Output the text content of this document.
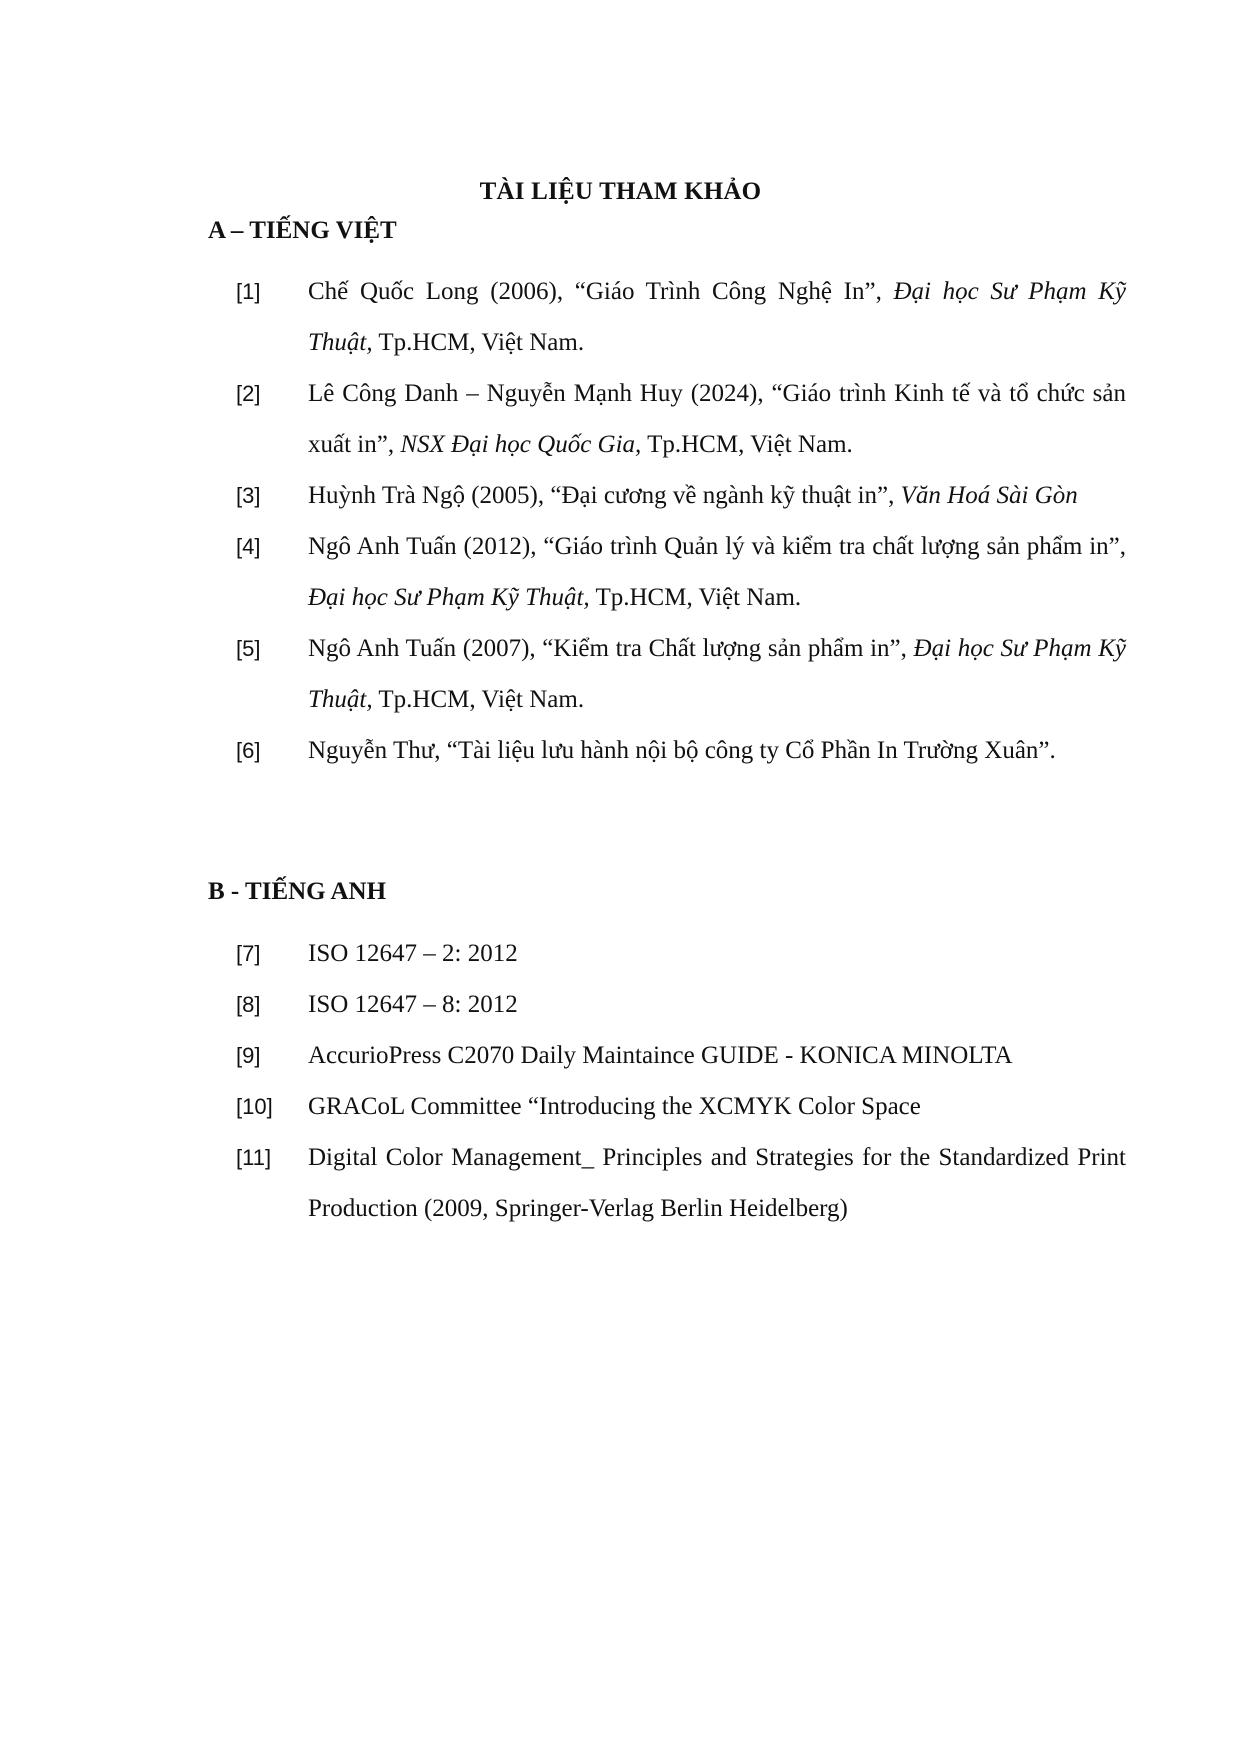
TÀI LIỆU THAM KHẢO
A – TIẾNG VIỆT
[1]	Chế Quốc Long (2006), “Giáo Trình Công Nghệ In”, Đại học Sư Phạm Kỹ Thuật, Tp.HCM, Việt Nam.
[2]	Lê Công Danh – Nguyễn Mạnh Huy (2024), “Giáo trình Kinh tế và tổ chức sản xuất in”, NSX Đại học Quốc Gia, Tp.HCM, Việt Nam.
[3]	Huỳnh Trà Ngộ (2005), “Đại cương về ngành kỹ thuật in”, Văn Hoá Sài Gòn
[4]	Ngô Anh Tuấn (2012), “Giáo trình Quản lý và kiểm tra chất lượng sản phẩm in”, Đại học Sư Phạm Kỹ Thuật, Tp.HCM, Việt Nam.
[5]	Ngô Anh Tuấn (2007), “Kiểm tra Chất lượng sản phẩm in”, Đại học Sư Phạm Kỹ Thuật, Tp.HCM, Việt Nam.
[6]	Nguyễn Thư, “Tài liệu lưu hành nội bộ công ty Cổ Phần In Trường Xuân”.
B - TIẾNG ANH
[7]	ISO 12647 – 2: 2012
[8]	ISO 12647 – 8: 2012
[9]	AccurioPress C2070 Daily Maintaince GUIDE - KONICA MINOLTA
[10]	GRACoL Committee “Introducing the XCMYK Color Space
[11]	Digital Color Management_ Principles and Strategies for the Standardized Print Production (2009, Springer-Verlag Berlin Heidelberg)
